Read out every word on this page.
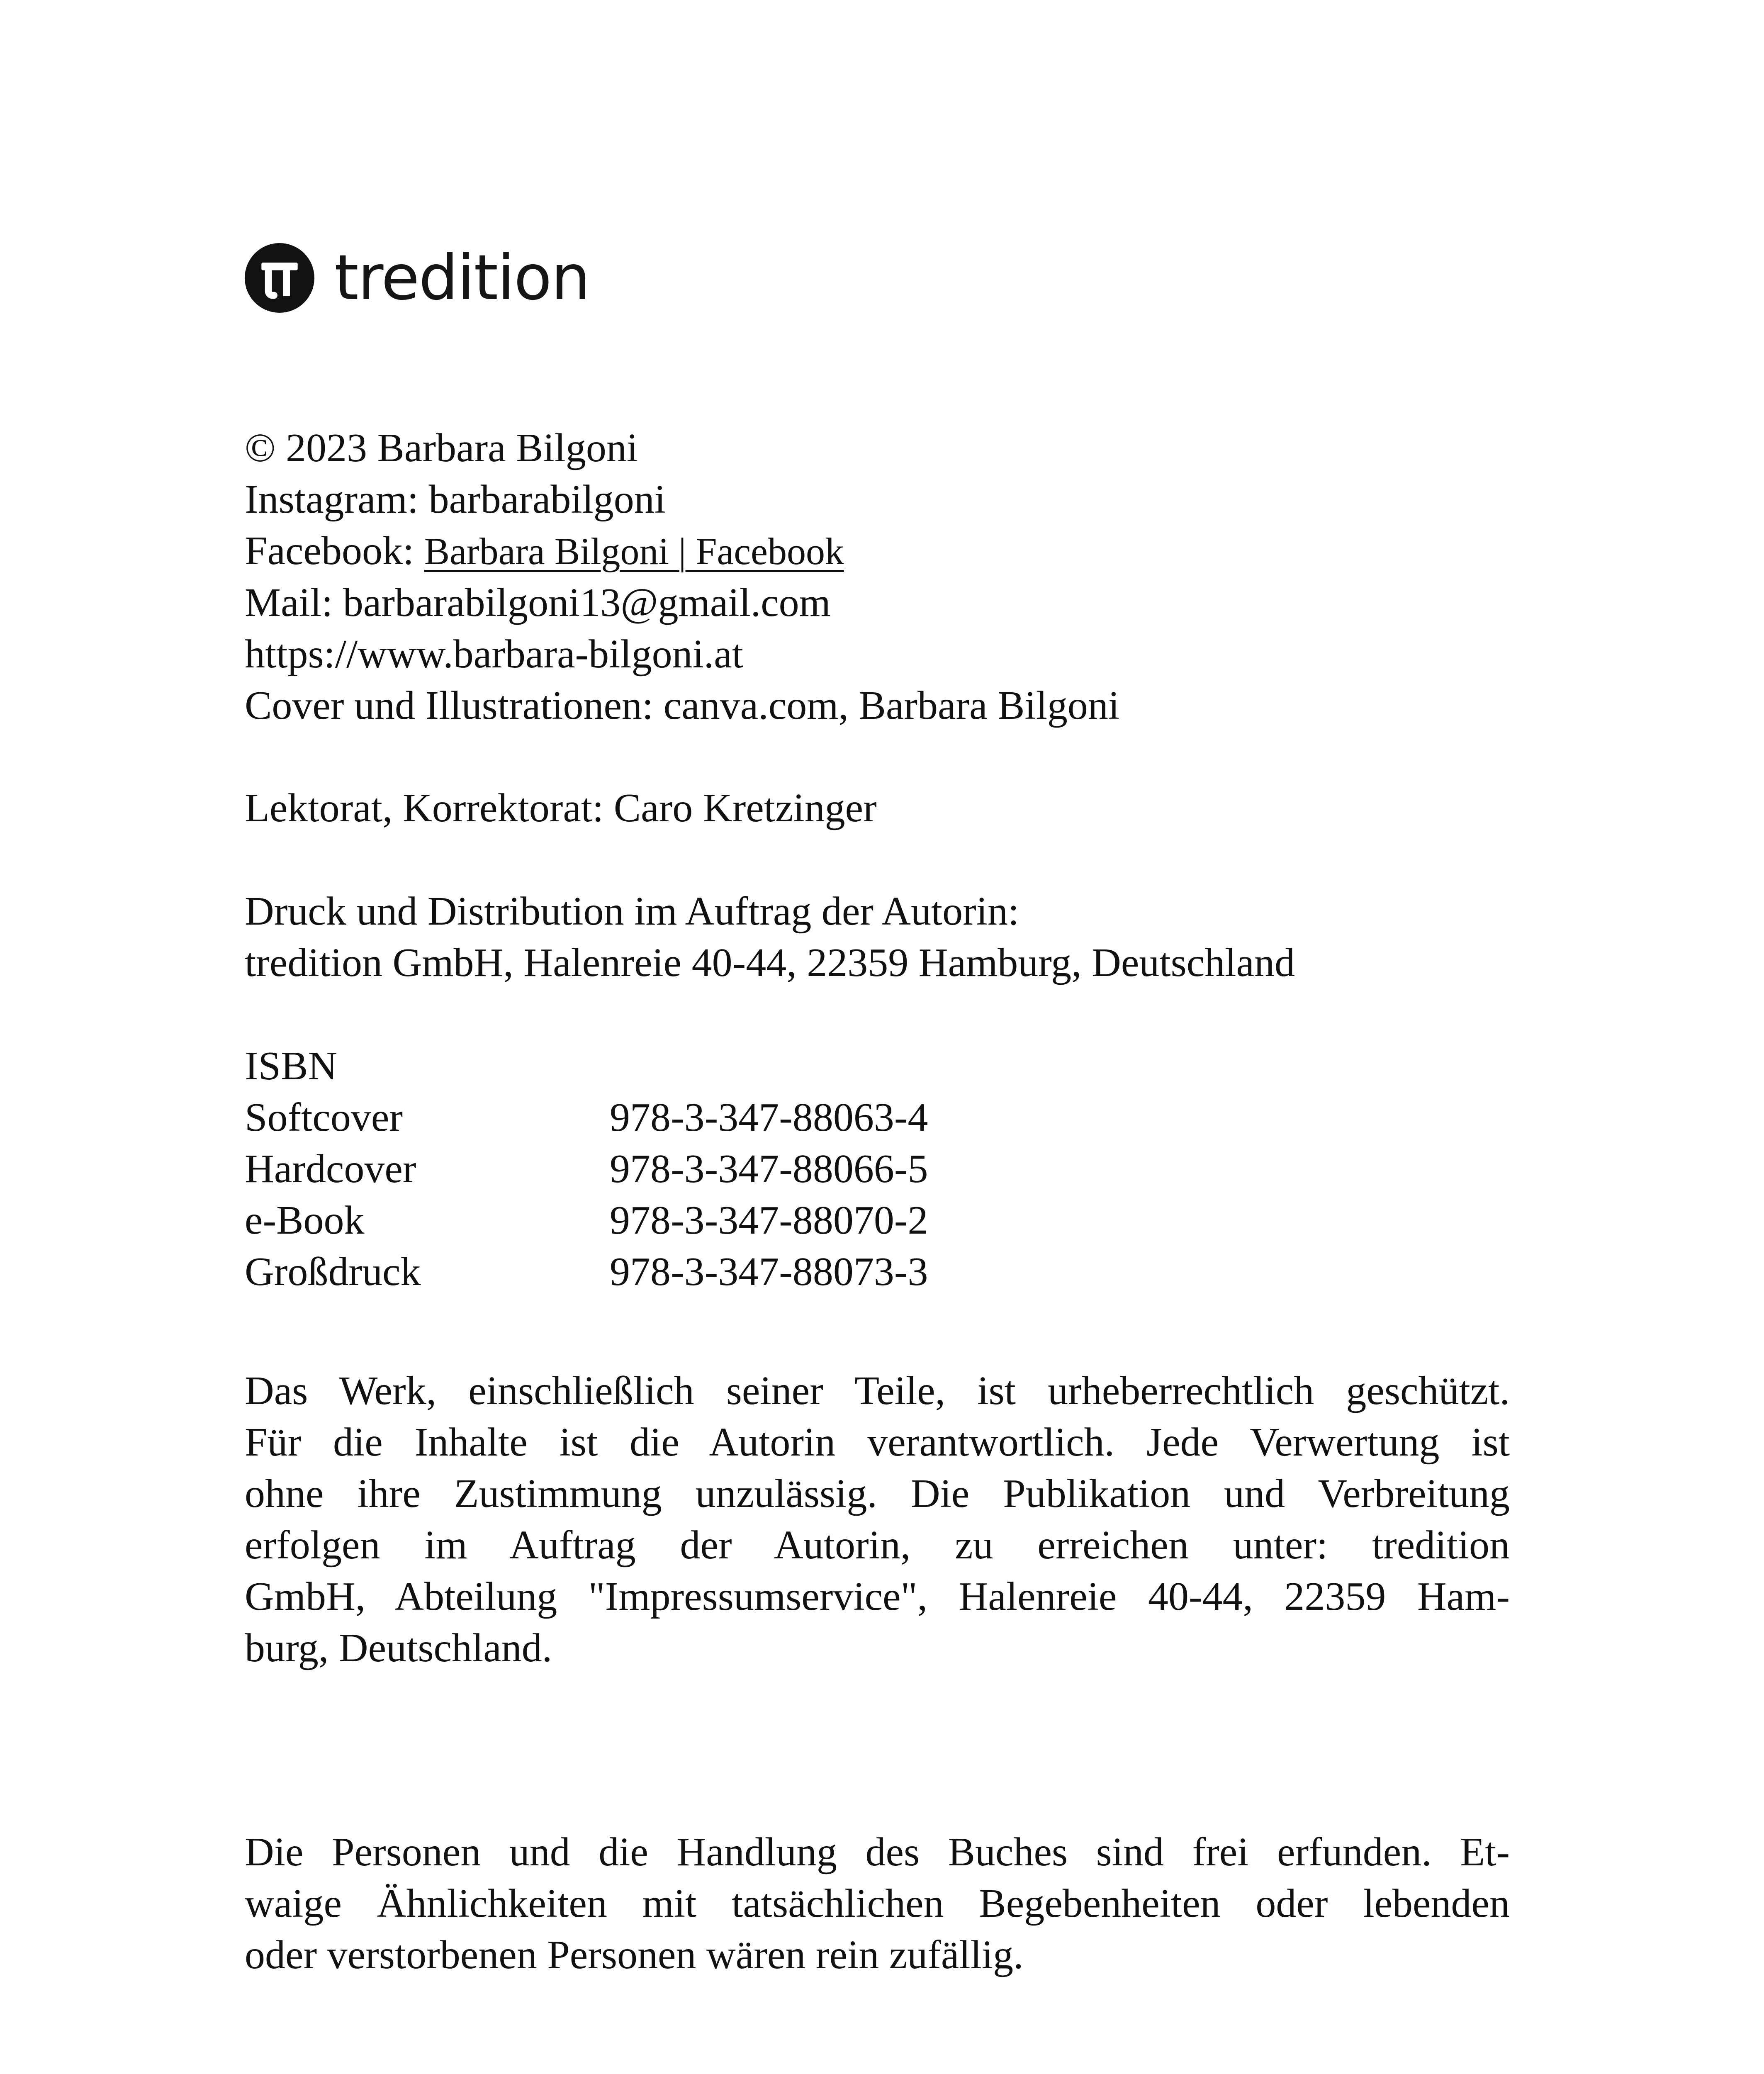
tredition
© 2023 Barbara Bilgoni
Instagram: barbarabilgoni
Facebook: Barbara Bilgoni | Facebook
Mail: barbarabilgoni13@gmail.com
https://www.barbara-bilgoni.at
Cover und Illustrationen: canva.com, Barbara Bilgoni
Lektorat, Korrektorat: Caro Kretzinger
Druck und Distribution im Auftrag der Autorin:
tredition GmbH, Halenreie 40-44, 22359 Hamburg, Deutschland
ISBN
Softcover	978-3-347-88063-4
Hardcover	978-3-347-88066-5
e-Book	978-3-347-88070-2
Großdruck	978-3-347-88073-3
Das Werk, einschließlich seiner Teile, ist urheberrechtlich geschützt.
Für die Inhalte ist die Autorin verantwortlich. Jede Verwertung ist
ohne ihre Zustimmung unzulässig. Die Publikation und Verbreitung
erfolgen im Auftrag der Autorin, zu erreichen unter: tredition
GmbH, Abteilung "Impressumservice", Halenreie 40-44, 22359 Ham-
burg, Deutschland.
Die Personen und die Handlung des Buches sind frei erfunden. Et-
waige Ähnlichkeiten mit tatsächlichen Begebenheiten oder lebenden
oder verstorbenen Personen wären rein zufällig.
